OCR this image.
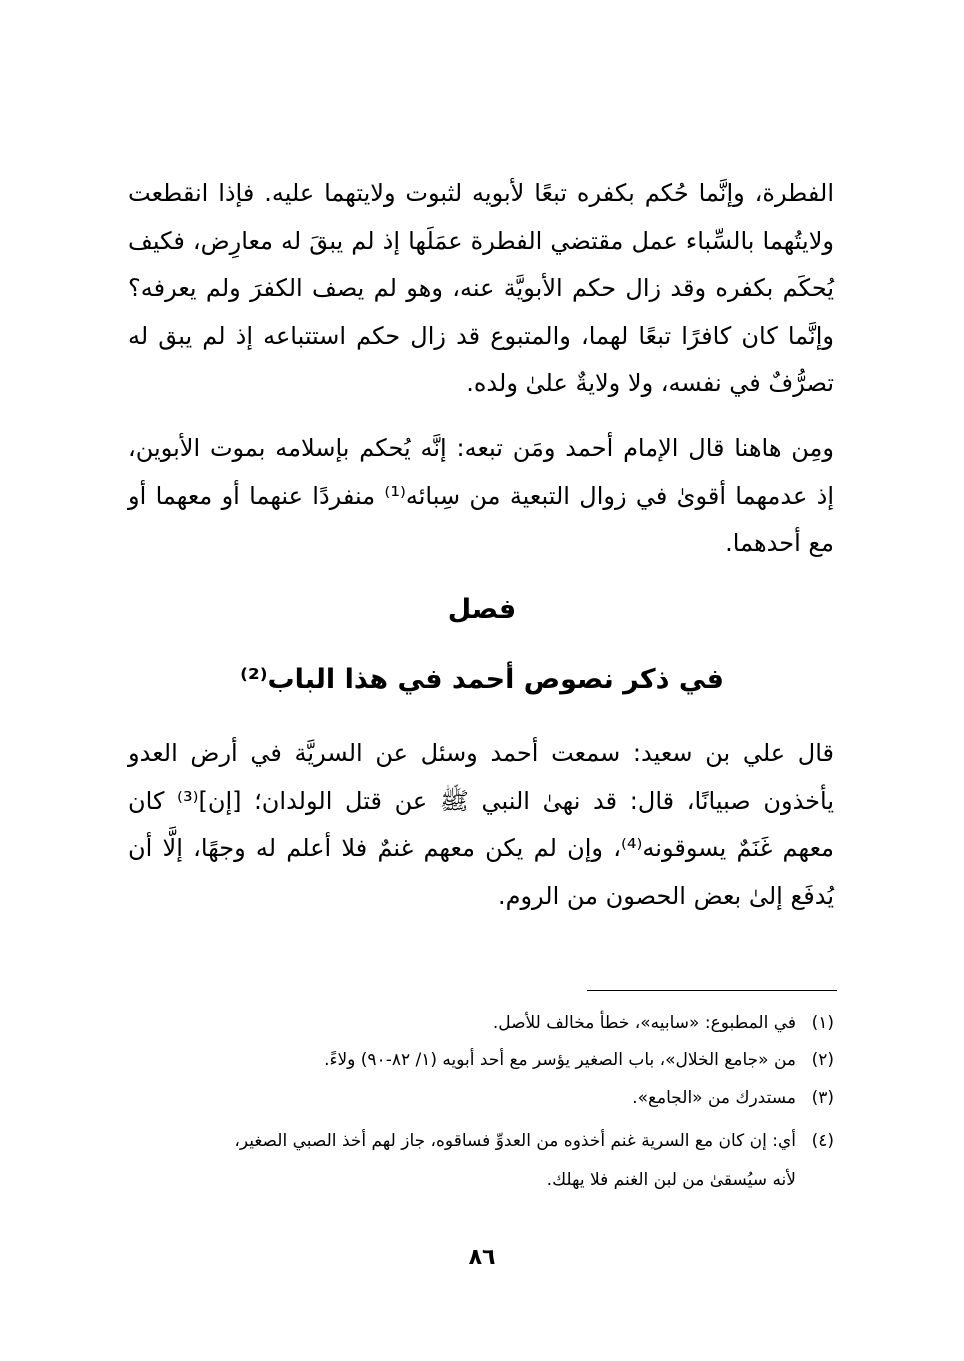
الفطرة، وإنَّما حُكم بكفره تبعًا لأبويه لثبوت ولايتهما عليه. فإذا انقطعت ولايتُهما بالسِّباء عمل مقتضي الفطرة عمَلَها إذ لم يبقَ له معارِض، فكيف يُحكَم بكفره وقد زال حكم الأبويَّة عنه، وهو لم يصف الكفرَ ولم يعرفه؟ وإنَّما كان كافرًا تبعًا لهما، والمتبوع قد زال حكم استتباعه إذ لم يبق له تصرُّفٌ في نفسه، ولا ولايةٌ علىٰ ولده.

ومِن هاهنا قال الإمام أحمد ومَن تبعه: إنَّه يُحكم بإسلامه بموت الأبوين، إذ عدمهما أقوىٰ في زوال التبعية من سِبائه⁽¹⁾ منفردًا عنهما أو معهما أو مع أحدهما.

فصل
في ذكر نصوص أحمد في هذا الباب⁽²⁾

قال علي بن سعيد: سمعت أحمد وسئل عن السريَّة في أرض العدو يأخذون صبيانًا، قال: قد نهىٰ النبي ﷺ عن قتل الولدان؛ [إن]⁽³⁾ كان معهم غَنَمٌ يسوقونه⁽⁴⁾، وإن لم يكن معهم غنمٌ فلا أعلم له وجهًا، إلَّا أن يُدفَع إلىٰ بعض الحصون من الروم.

(١)في المطبوع: «سابيه»، خطأ مخالف للأصل.

(٢)من «جامع الخلال»، باب الصغير يؤسر مع أحد أبويه (١/ ٨٢-٩٠) ولاءً.

(٣)مستدرك من «الجامع».

(٤)أي: إن كان مع السرية غنم أخذوه من العدوِّ فساقوه، جاز لهم أخذ الصبي الصغير،

لأنه سيُسقىٰ من لبن الغنم فلا يهلك.

٨٦
